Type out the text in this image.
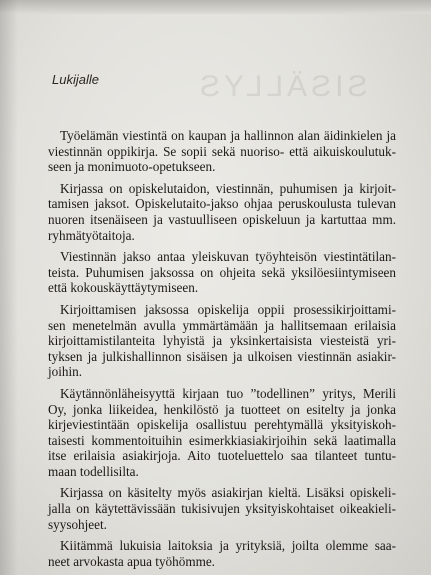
SISÄLLYS
Lukijalle
Työelämän viestintä on kaupan ja hallinnon alan äidinkielen ja
viestinnän oppikirja. Se sopii sekä nuoriso- että aikuiskoulutuk-
seen ja monimuoto-opetukseen.
Kirjassa on opiskelutaidon, viestinnän, puhumisen ja kirjoit-
tamisen jaksot. Opiskelutaito-jakso ohjaa peruskoulusta tulevan
nuoren itsenäiseen ja vastuulliseen opiskeluun ja kartuttaa mm.
ryhmätyötaitoja.
Viestinnän jakso antaa yleiskuvan työyhteisön viestintätilan-
teista. Puhumisen jaksossa on ohjeita sekä yksilöesiintymiseen
että kokouskäyttäytymiseen.
Kirjoittamisen jaksossa opiskelija oppii prosessikirjoittami-
sen menetelmän avulla ymmärtämään ja hallitsemaan erilaisia
kirjoittamistilanteita lyhyistä ja yksinkertaisista viesteistä yri-
tyksen ja julkishallinnon sisäisen ja ulkoisen viestinnän asiakir-
joihin.
Käytännönläheisyyttä kirjaan tuo ”todellinen” yritys, Merili
Oy, jonka liikeidea, henkilöstö ja tuotteet on esitelty ja jonka
kirjeviestintään opiskelija osallistuu perehtymällä yksityiskoh-
taisesti kommentoituihin esimerkkiasiakirjoihin sekä laatimalla
itse erilaisia asiakirjoja. Aito tuoteluettelo saa tilanteet tuntu-
maan todellisilta.
Kirjassa on käsitelty myös asiakirjan kieltä. Lisäksi opiskeli-
jalla on käytettävissään tukisivujen yksityiskohtaiset oikeakieli-
syysohjeet.
Kiitämmä lukuisia laitoksia ja yrityksiä, joilta olemme saa-
neet arvokasta apua työhömme.
